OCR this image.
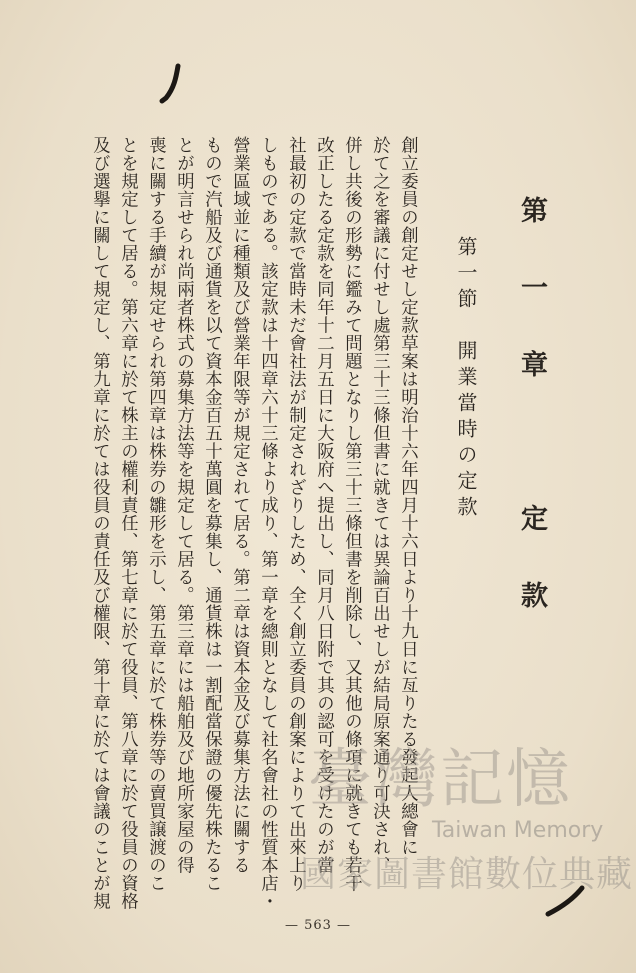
第一章　定款
第一節開業當時の定款
創立委員の創定せし定款草案は明治十六年四月十六日より十九日に亙りたる發起人總會に
於て之を審議に付せし處第三十三條但書に就きては異論百出せしが結局原案通り可決され、
併し共後の形勢に鑑みて問題となりし第三十三條但書を削除し、又其他の條項に就きても若干
改正したる定款を同年十二月五日に大阪府へ提出し、同月八日附で其の認可を受けたのが當
社最初の定款で當時未だ會社法が制定されざりしため、全く創立委員の創案によりて出來上り
しものである。該定款は十四章六十三條より成り、第一章を總則となして社名會社の性質本店・
營業區域並に種類及び營業年限等が規定されて居る。第二章は資本金及び募集方法に關する
もので汽船及び通貨を以て資本金百五十萬圓を募集し、通貨株は一割配當保證の優先株たるこ
とが明言せられ尚兩者株式の募集方法等を規定して居る。第三章には船舶及び地所家屋の得
喪に關する手續が規定せられ第四章は株券の雛形を示し、第五章に於て株券等の賣買譲渡のこ
とを規定して居る。第六章に於て株主の權利責任、第七章に於て役員、第八章に於て役員の資格
及び選擧に關して規定し、第九章に於ては役員の責任及び權限、第十章に於ては會議のことが規	臺灣記憶
Taiwan Memory
國家圖書館數位典藏
— 563 —
